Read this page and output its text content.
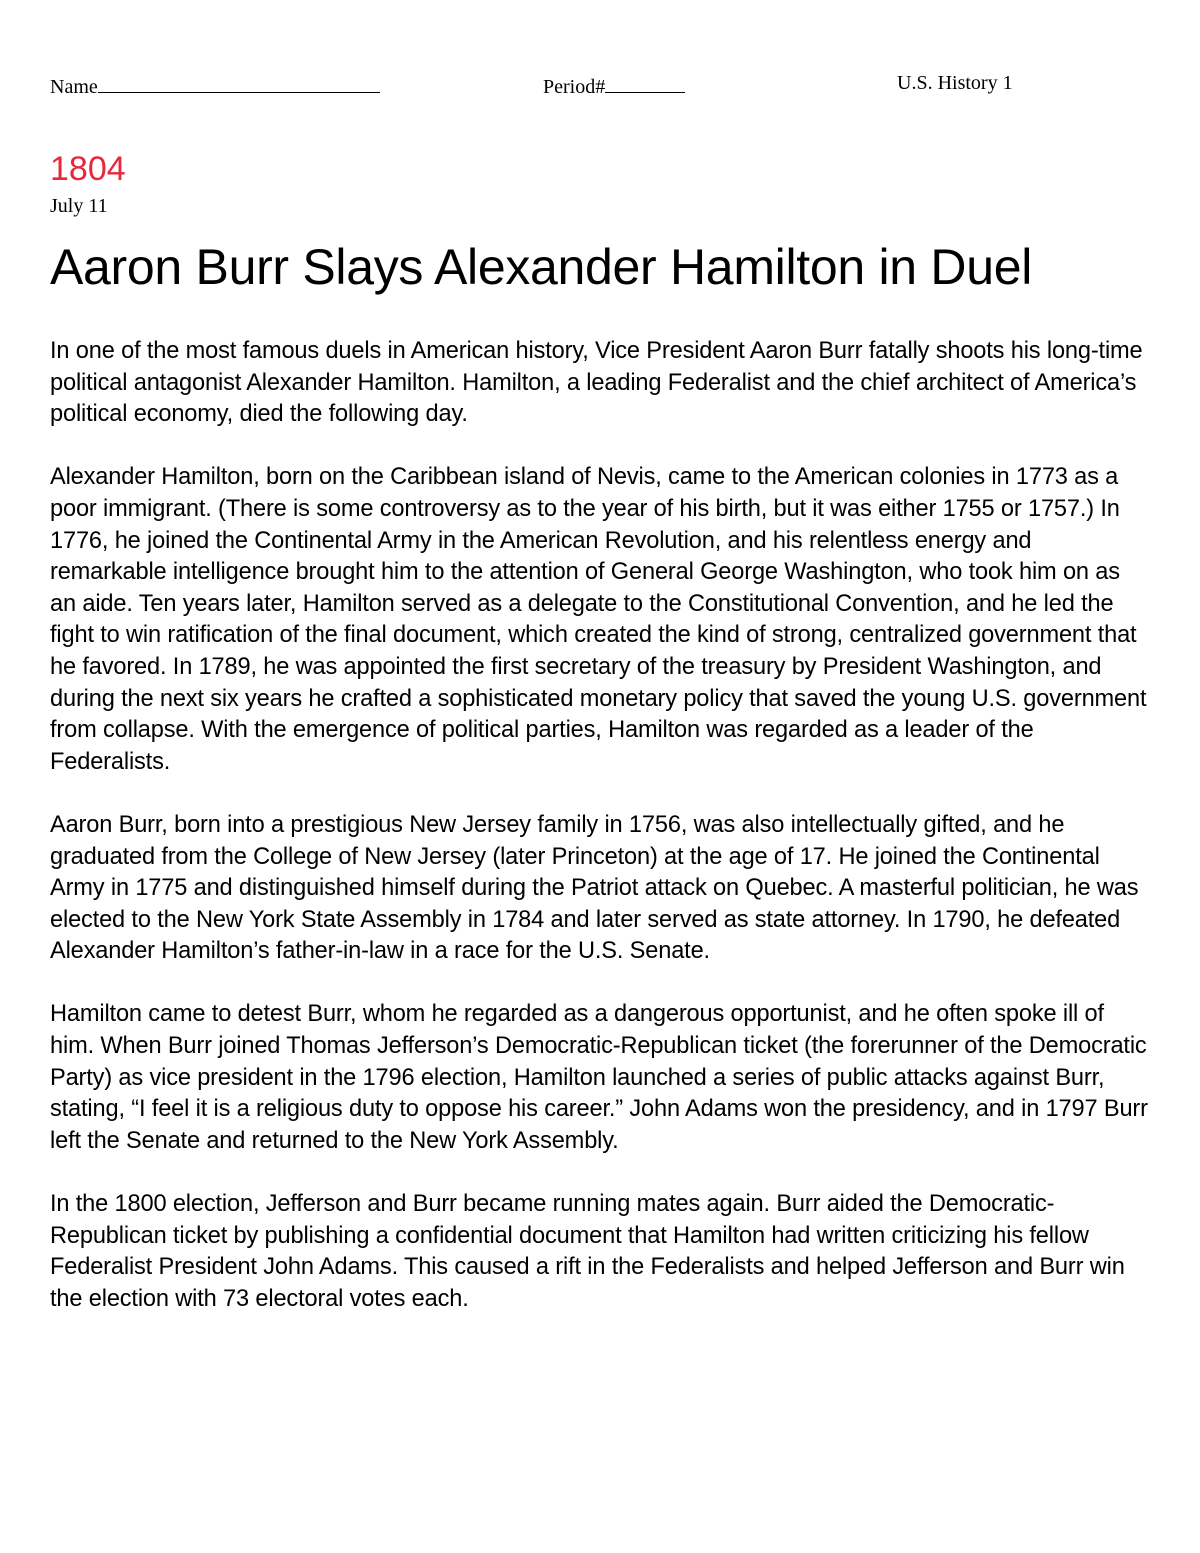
Name	Period#	U.S. History 1
1804
July 11
Aaron Burr Slays Alexander Hamilton in Duel

In one of the most famous duels in American history, Vice President Aaron Burr fatally shoots his long-time political antagonist Alexander Hamilton. Hamilton, a leading Federalist and the chief architect of America’s political economy, died the following day.

Alexander Hamilton, born on the Caribbean island of Nevis, came to the American colonies in 1773 as a poor immigrant. (There is some controversy as to the year of his birth, but it was either 1755 or 1757.) In 1776, he joined the Continental Army in the American Revolution, and his relentless energy and remarkable intelligence brought him to the attention of General George Washington, who took him on as an aide. Ten years later, Hamilton served as a delegate to the Constitutional Convention, and he led the fight to win ratification of the final document, which created the kind of strong, centralized government that he favored. In 1789, he was appointed the first secretary of the treasury by President Washington, and during the next six years he crafted a sophisticated monetary policy that saved the young U.S. government from collapse. With the emergence of political parties, Hamilton was regarded as a leader of the Federalists.

Aaron Burr, born into a prestigious New Jersey family in 1756, was also intellectually gifted, and he graduated from the College of New Jersey (later Princeton) at the age of 17. He joined the Continental Army in 1775 and distinguished himself during the Patriot attack on Quebec. A masterful politician, he was elected to the New York State Assembly in 1784 and later served as state attorney. In 1790, he defeated Alexander Hamilton’s father-in-law in a race for the U.S. Senate.

Hamilton came to detest Burr, whom he regarded as a dangerous opportunist, and he often spoke ill of him. When Burr joined Thomas Jefferson’s Democratic-Republican ticket (the forerunner of the Democratic Party) as vice president in the 1796 election, Hamilton launched a series of public attacks against Burr, stating, “I feel it is a religious duty to oppose his career.” John Adams won the presidency, and in 1797 Burr left the Senate and returned to the New York Assembly.

In the 1800 election, Jefferson and Burr became running mates again. Burr aided the Democratic-Republican ticket by publishing a confidential document that Hamilton had written criticizing his fellow Federalist President John Adams. This caused a rift in the Federalists and helped Jefferson and Burr win the election with 73 electoral votes each.
